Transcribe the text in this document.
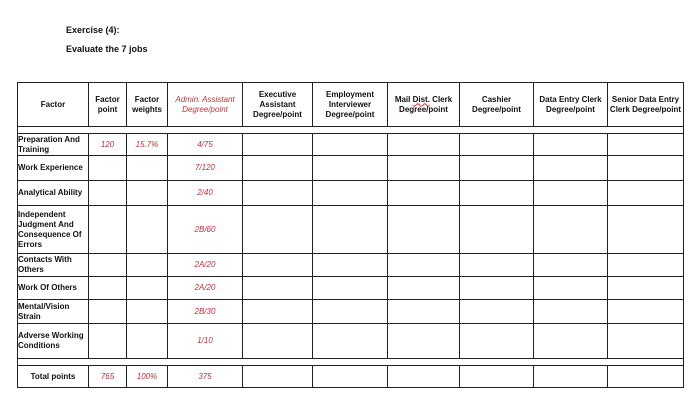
Exercise (4):
Evaluate the 7 jobs
Factor	Factor point	Factor weights	Admin. Assistant Degree/point	Executive Assistant Degree/point	Employment Interviewer Degree/point	Mail Dist. Clerk Degree/point	Cashier Degree/point	Data Entry Clerk Degree/point	Senior Data Entry Clerk Degree/point

Preparation And Training	120	15.7%	4/75						
Work Experience			7/120						
Analytical Ability			2/40						
Independent Judgment And Consequence Of Errors			2B/60						
Contacts With Others			2A/20						
Work Of Others			2A/20						
Mental/Vision Strain			2B/30						
Adverse Working Conditions			1/10						

Total points	765	100%	375						
